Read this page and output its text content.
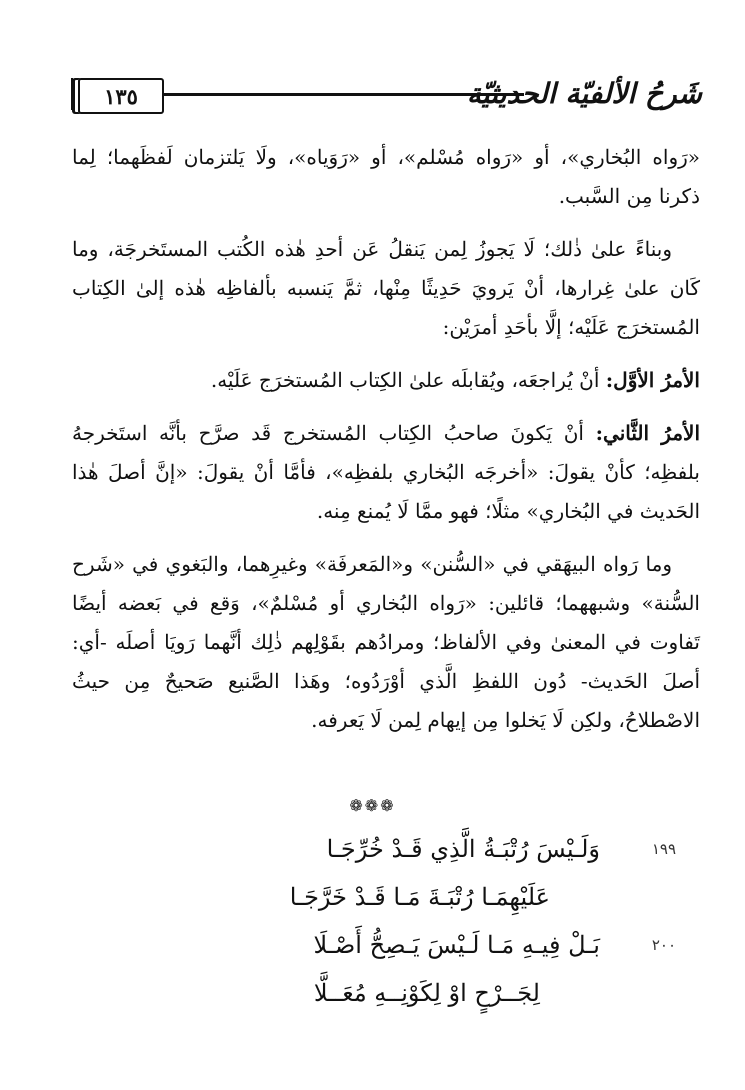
١٣٥	شَرحُ الألفيّة الحديثيّة

«رَواه البُخاري»، أو «رَواه مُسْلم»، أو «رَوَياه»، ولَا يَلتزمان لَفظَهما؛ لِما ذكرنا مِن السَّبب.

وبناءً علىٰ ذٰلك؛ لَا يَجوزُ لِمن يَنقلُ عَن أحدِ هٰذه الكُتب المستَخرجَة، وما كَان علىٰ غِرارها، أنْ يَرويَ حَدِيثًا مِنْها، ثمَّ يَنسبه بألفاظِه هٰذه إلىٰ الكِتاب المُستخرَج عَلَيْه؛ إلَّا بأحَدِ أمرَيْن:

الأمرُ الأوَّل: أنْ يُراجعَه، ويُقابلَه علىٰ الكِتاب المُستخرَج عَلَيْه.

الأمرُ الثَّاني: أنْ يَكونَ صاحبُ الكِتاب المُستخرج قَد صرَّح بأنَّه استَخرجهُ بلفظِه؛ كأنْ يقولَ: «أخرجَه البُخاري بلفظِه»، فأمَّا أنْ يقولَ: «إنَّ أصلَ هٰذا الحَديث في البُخاري» مثلًا؛ فهو ممَّا لَا يُمنع مِنه.

وما رَواه البيهَقي في «السُّنن» و«المَعرفَة» وغيرِهما، والبَغوي في «شَرح السُّنة» وشبههما؛ قائلين: «رَواه البُخاري أو مُسْلمٌ»، وَقع في بَعضه أيضًا تَفاوت في المعنىٰ وفي الألفاظ؛ ومرادُهم بقَوْلِهم ذٰلِك أنَّهما رَويَا أصلَه -أي: أصلَ الحَديث- دُون اللفظِ الَّذي أوْرَدُوه؛ وهَذا الصَّنيع صَحيحٌ مِن حيثُ الاصْطلاحُ، ولكِن لَا يَخلوا مِن إيهام لِمن لَا يَعرفه.

❁❁❁
١٩٩
وَلَـيْسَ رُتْبَـةُ الَّذِي قَـدْ خُرِّجَـا
عَلَيْهِمَـا رُتْبَـةَ مَـا قَـدْ خَرَّجَـا
٢٠٠
بَـلْ فِيـهِ مَـا لَـيْسَ يَـصِحُّ أَصْـلَا
لِجَــرْحٍ اوْ لِكَوْنِــهِ مُعَــلَّا
